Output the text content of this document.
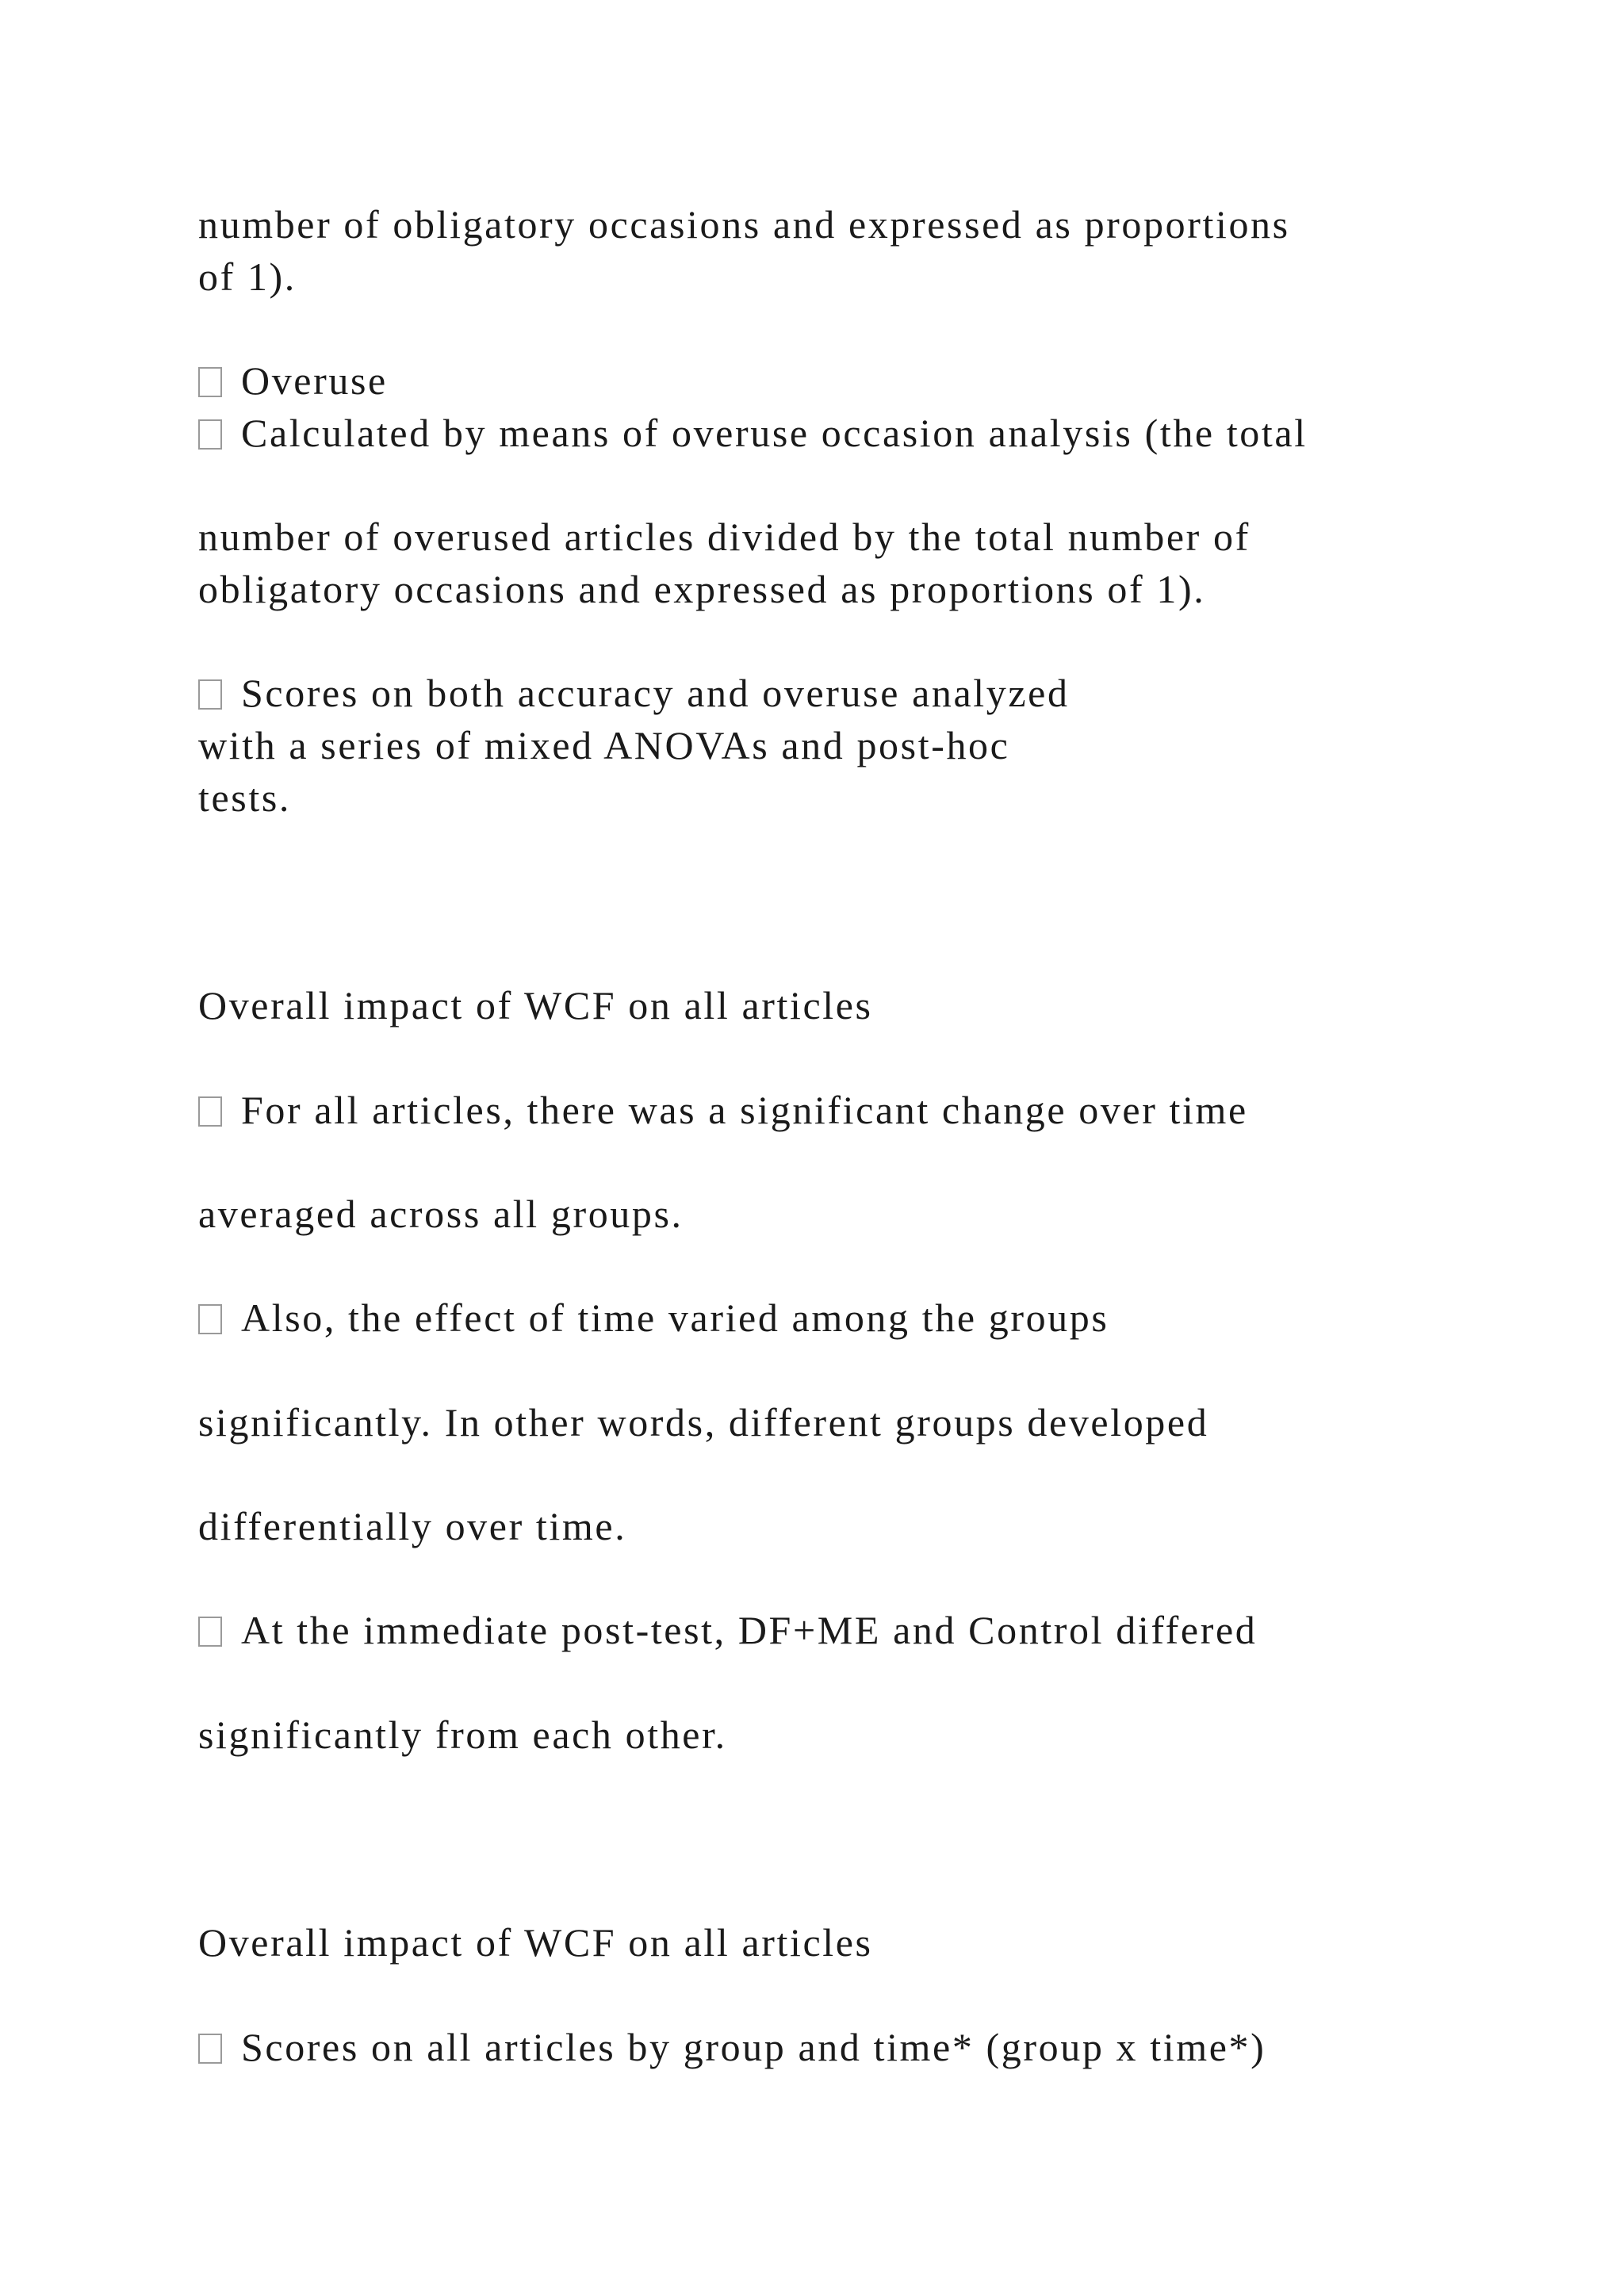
number of obligatory occasions and expressed as proportions
of 1).
Overuse
Calculated by means of overuse occasion analysis (the total
number of overused articles divided by the total number of
obligatory occasions and expressed as proportions of 1).
Scores on both accuracy and overuse analyzed
with a series of mixed ANOVAs and post-hoc
tests.
Overall impact of WCF on all articles
For all articles, there was a significant change over time
averaged across all groups.
Also, the effect of time varied among the groups
significantly. In other words, different groups developed
differentially over time.
At the immediate post-test, DF+ME and Control differed
significantly from each other.
Overall impact of WCF on all articles
Scores on all articles by group and time* (group x time*)
